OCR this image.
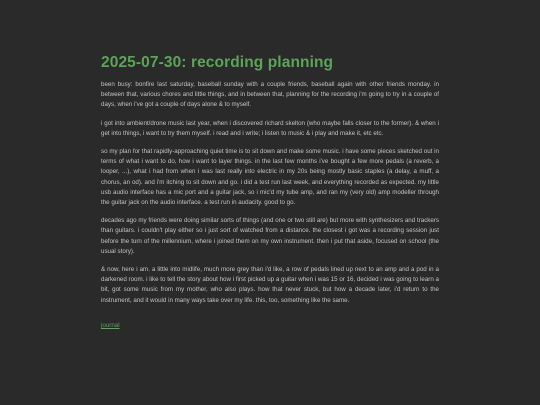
2025-07-30: recording planning

been busy: bonfire last saturday, baseball sunday with a couple friends, baseball again with other friends monday. in between that, various chores and little things, and in between that, planning for the recording i'm going to try in a couple of days, when i've got a couple of days alone & to myself.

i got into ambient/drone music last year, when i discovered richard skelton (who maybe falls closer to the former). & when i get into things, i want to try them myself. i read and i write; i listen to music & i play and make it, etc etc.

so my plan for that rapidly-approaching quiet time is to sit down and make some music. i have some pieces sketched out in terms of what i want to do, how i want to layer things. in the last few months i've bought a few more pedals (a reverb, a looper, ...), what i had from when i was last really into electric in my 20s being mostly basic staples (a delay, a muff, a chorus, an od). and i'm itching to sit down and go. i did a test run last week, and everything recorded as expected. my little usb audio interface has a mic port and a guitar jack, so i mic'd my tube amp, and ran my (very old) amp modeller through the guitar jack on the audio interface. a test run in audacity. good to go.

decades ago my friends were doing similar sorts of things (and one or two still are) but more with synthesizers and trackers than guitars. i couldn't play either so i just sort of watched from a distance. the closest i got was a recording session just before the turn of the millennium, where i joined them on my own instrument. then i put that aside, focused on school (the usual story).

& now, here i am. a little into midlife, much more grey than i'd like, a row of pedals lined up next to an amp and a pod in a darkened room. i like to tell the story about how i first picked up a guitar when i was 15 or 16, decided i was going to learn a bit, got some music from my mother, who also plays. how that never stuck, but how a decade later, i'd return to the instrument, and it would in many ways take over my life. this, too, something like the same.

journal
